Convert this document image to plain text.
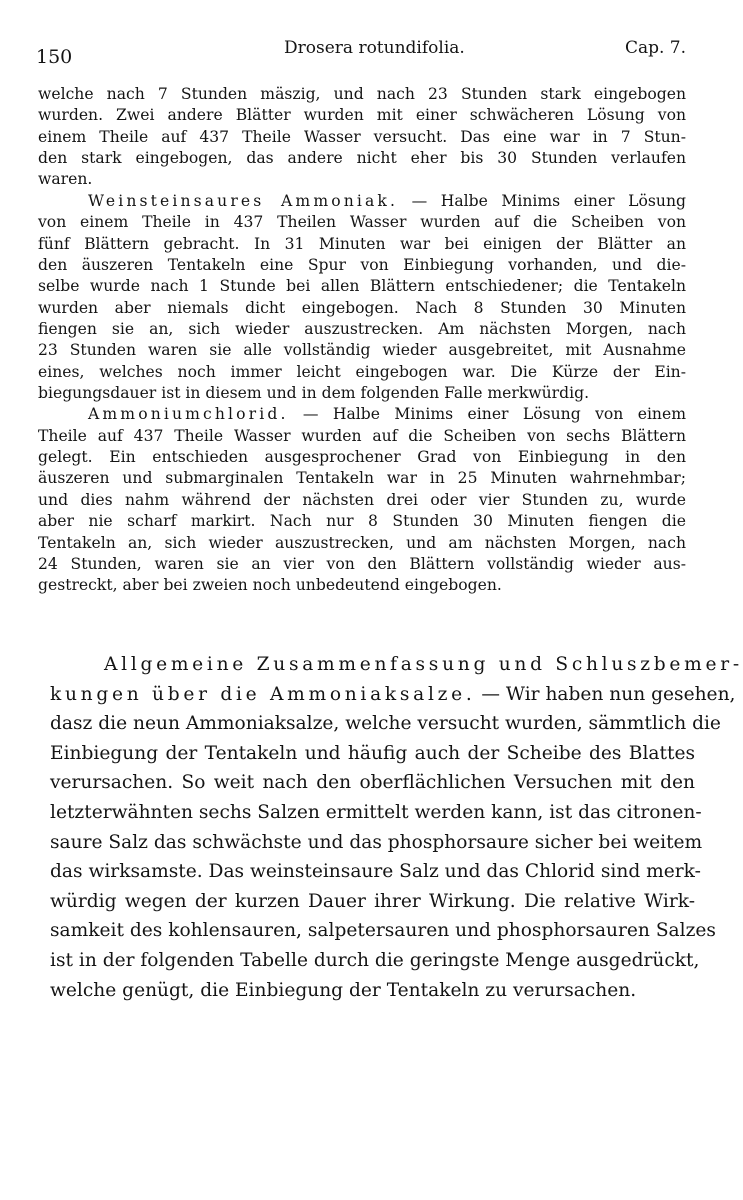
150	Drosera rotundifolia.	Cap. 7.
welche nach 7 Stunden mäszig, und nach 23 Stunden stark eingebogen
wurden. Zwei andere Blätter wurden mit einer schwächeren Lösung von
einem Theile auf 437 Theile Wasser versucht. Das eine war in 7 Stun-
den stark eingebogen, das andere nicht eher bis 30 Stunden verlaufen
waren.
Weinsteinsaures Ammoniak. — Halbe Minims einer Lösung
von einem Theile in 437 Theilen Wasser wurden auf die Scheiben von
fünf Blättern gebracht. In 31 Minuten war bei einigen der Blätter an
den äuszeren Tentakeln eine Spur von Einbiegung vorhanden, und die-
selbe wurde nach 1 Stunde bei allen Blättern entschiedener; die Tentakeln
wurden aber niemals dicht eingebogen. Nach 8 Stunden 30 Minuten
fiengen sie an, sich wieder auszustrecken. Am nächsten Morgen, nach
23 Stunden waren sie alle vollständig wieder ausgebreitet, mit Ausnahme
eines, welches noch immer leicht eingebogen war. Die Kürze der Ein-
biegungsdauer ist in diesem und in dem folgenden Falle merkwürdig.
Ammoniumchlorid. — Halbe Minims einer Lösung von einem
Theile auf 437 Theile Wasser wurden auf die Scheiben von sechs Blättern
gelegt. Ein entschieden ausgesprochener Grad von Einbiegung in den
äuszeren und submarginalen Tentakeln war in 25 Minuten wahrnehmbar;
und dies nahm während der nächsten drei oder vier Stunden zu, wurde
aber nie scharf markirt. Nach nur 8 Stunden 30 Minuten fiengen die
Tentakeln an, sich wieder auszustrecken, und am nächsten Morgen, nach
24 Stunden, waren sie an vier von den Blättern vollständig wieder aus-
gestreckt, aber bei zweien noch unbedeutend eingebogen.
Allgemeine Zusammenfassung und Schluszbemer-
kungen über die Ammoniaksalze. — Wir haben nun gesehen,
dasz die neun Ammoniaksalze, welche versucht wurden, sämmtlich die
Einbiegung der Tentakeln und häufig auch der Scheibe des Blattes
verursachen. So weit nach den oberflächlichen Versuchen mit den
letzterwähnten sechs Salzen ermittelt werden kann, ist das citronen-
saure Salz das schwächste und das phosphorsaure sicher bei weitem
das wirksamste. Das weinsteinsaure Salz und das Chlorid sind merk-
würdig wegen der kurzen Dauer ihrer Wirkung. Die relative Wirk-
samkeit des kohlensauren, salpetersauren und phosphorsauren Salzes
ist in der folgenden Tabelle durch die geringste Menge ausgedrückt,
welche genügt, die Einbiegung der Tentakeln zu verursachen.
